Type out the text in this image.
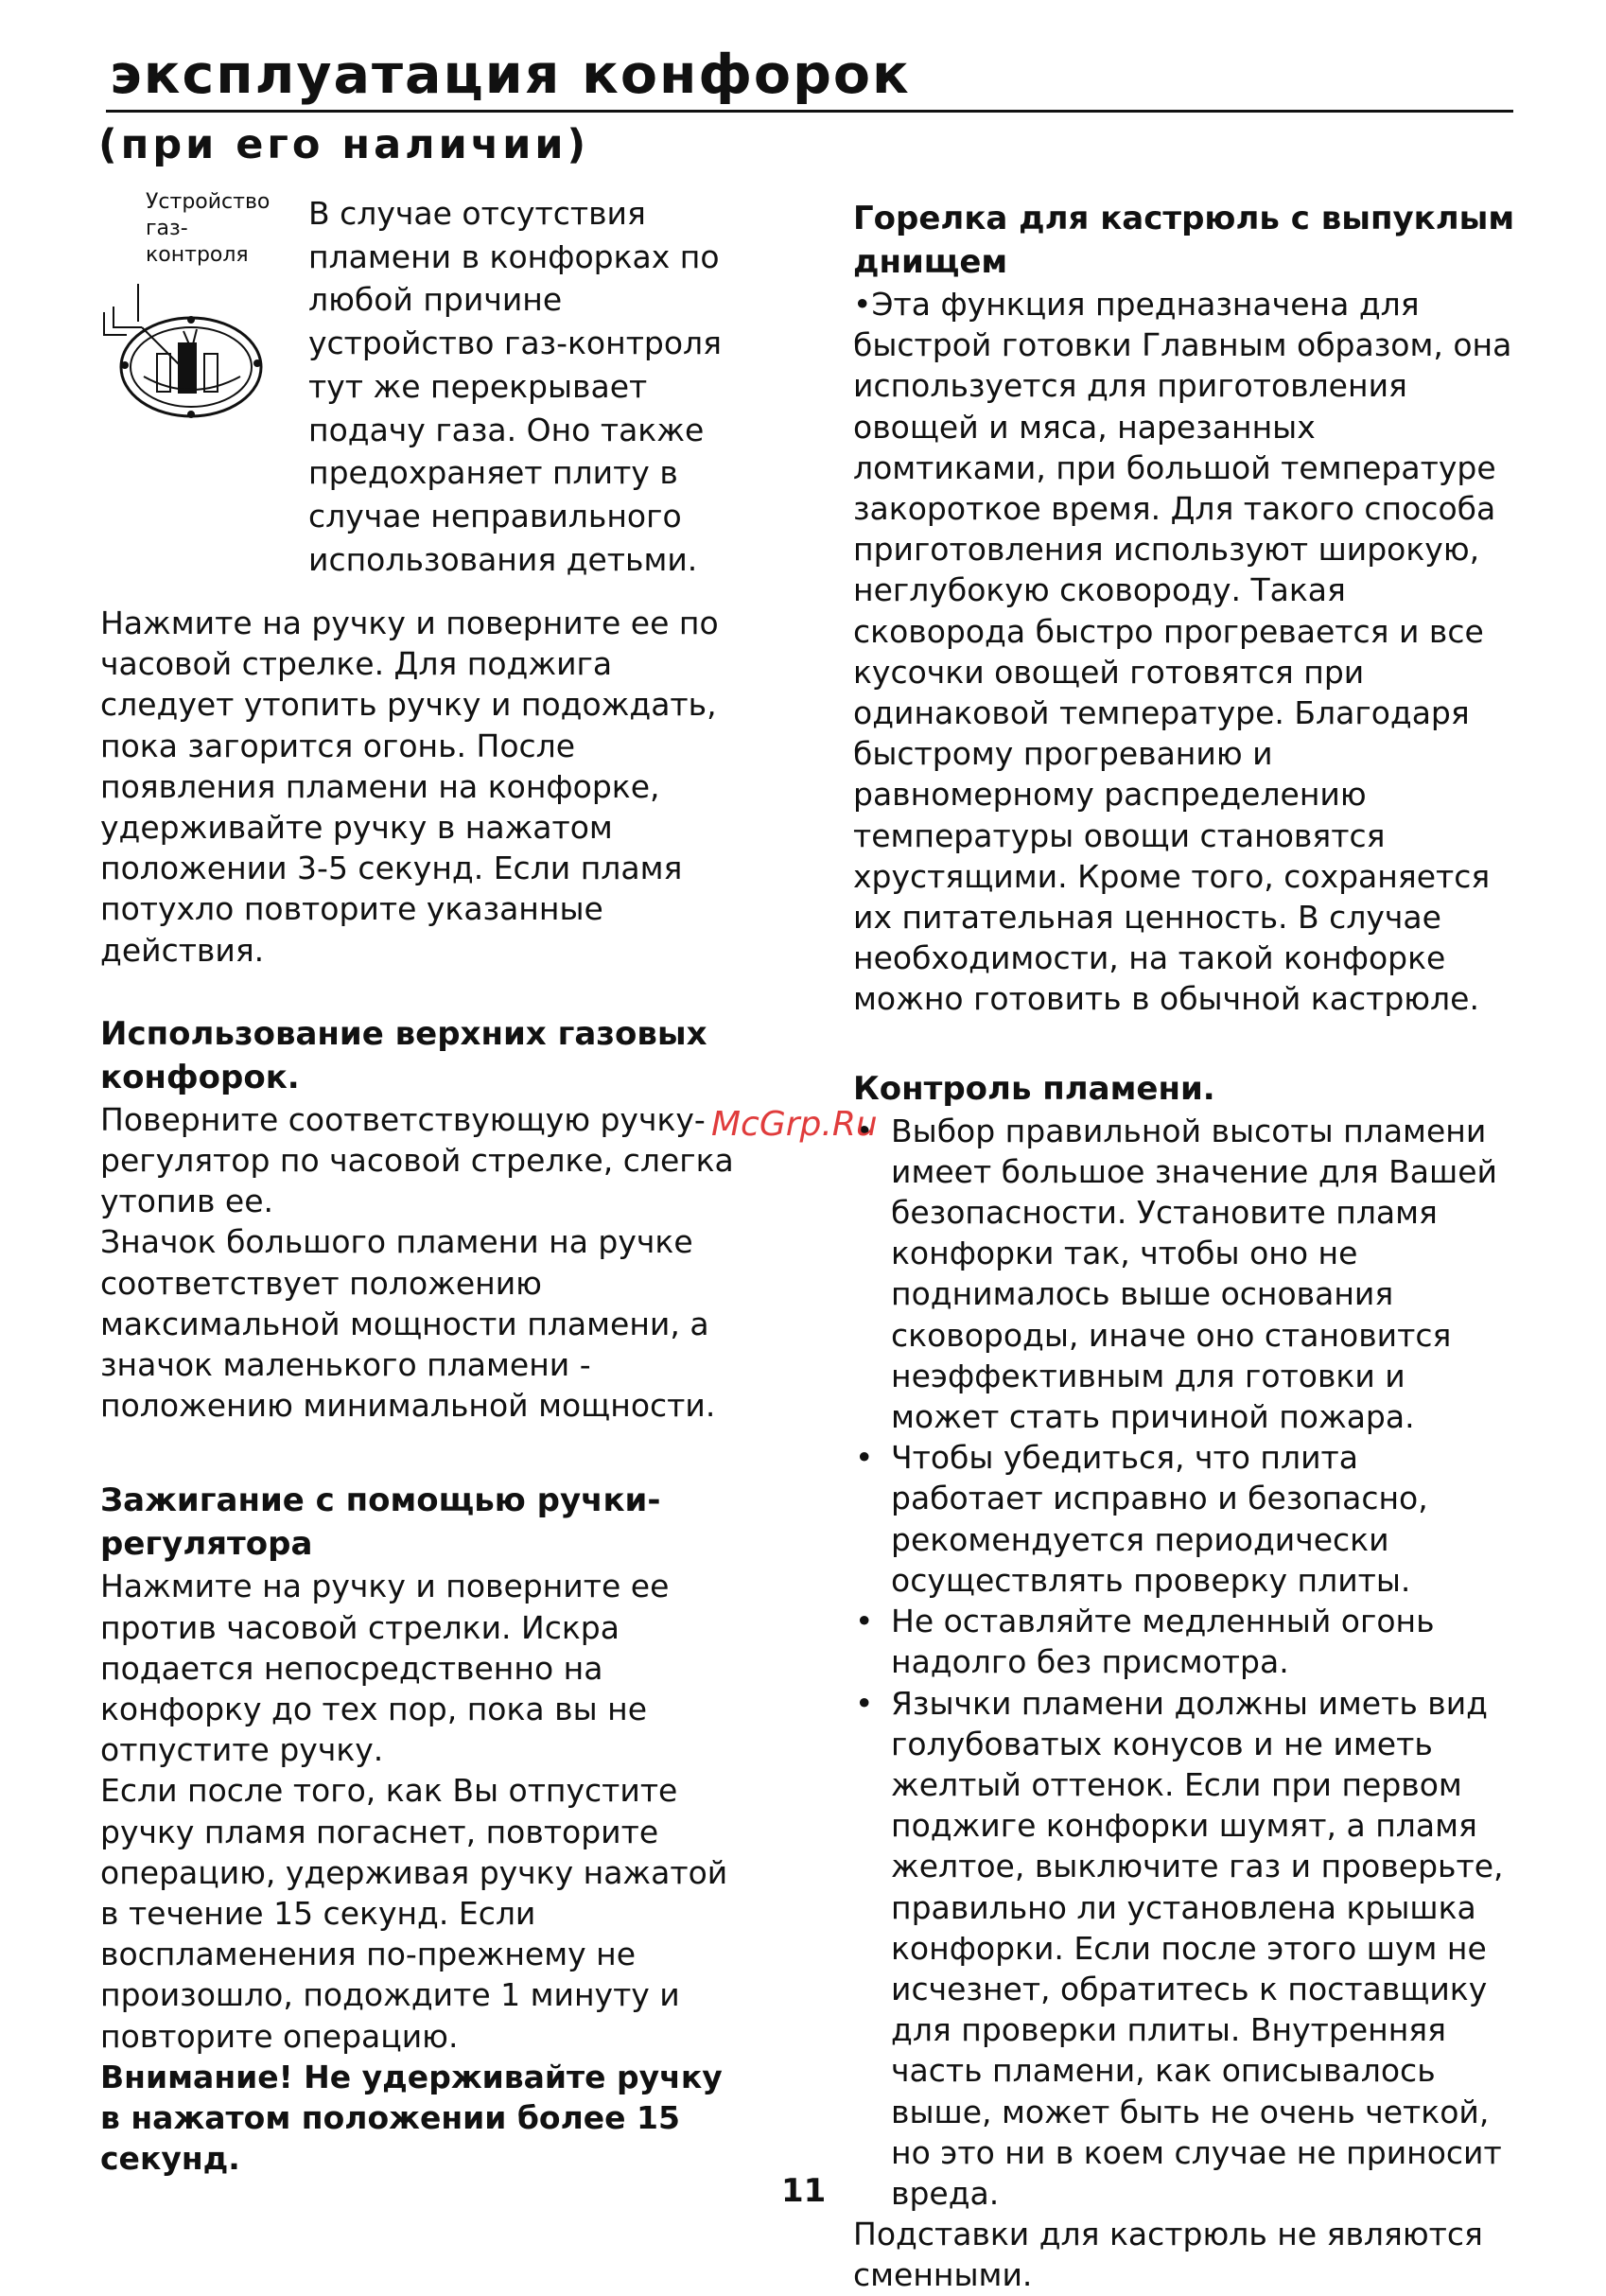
эксплуатация конфорок
(при его наличии)
Устройство
газ-
контроля

В случае отсутствия пламени в конфорках по любой причине устройство газ-контроля тут же перекрывает подачу газа. Оно также предохраняет плиту в случае неправильного использования детьми.

Нажмите на ручку и поверните ее по часовой стрелке. Для поджига следует утопить ручку и подождать, пока загорится огонь. После появления пламени на конфорке, удерживайте ручку в нажатом положении 3-5 секунд. Если пламя потухло повторите указанные действия.

Использование верхних газовых конфорок.

Поверните соответствующую ручку-регулятор по часовой стрелке, слегка утопив ее.

Значок большого пламени на ручке соответствует положению максимальной мощности пламени, а значок маленького пламени - положению минимальной мощности.

Зажигание с помощью ручки-регулятора

Нажмите на ручку и поверните ее против часовой стрелки. Искра подается непосредственно на конфорку до тех пор, пока вы не отпустите ручку.

Если после того, как Вы отпустите ручку пламя погаснет, повторите операцию, удерживая ручку нажатой в течение 15 секунд. Если воспламенения по-прежнему не произошло, подождите 1 минуту и повторите операцию.

Внимание! Не удерживайте ручку в нажатом положении более 15 секунд.

Горелка для кастрюль с выпуклым днищем

•Эта функция предназначена для быстрой готовки Главным образом, она используется для приготовления овощей и мяса, нарезанных ломтиками, при большой температуре закороткое время. Для такого способа приготовления используют широкую, неглубокую сковороду. Такая сковорода быстро прогревается и все кусочки овощей готовятся при одинаковой температуре. Благодаря быстрому прогреванию и равномерному распределению температуры овощи становятся хрустящими. Кроме того, сохраняется их питательная ценность. В случае необходимости, на такой конфорке можно готовить в обычной кастрюле.

Контроль пламени.
• Выбор правильной высоты пламени имеет большое значение для Вашей безопасности. Установите пламя конфорки так, чтобы оно не поднималось выше основания сковороды, иначе оно становится неэффективным для готовки и может стать причиной пожара.
• Чтобы убедиться, что плита работает исправно и безопасно, рекомендуется периодически осуществлять проверку плиты.
• Не оставляйте медленный огонь надолго без присмотра.
• Язычки пламени должны иметь вид голубоватых конусов и не иметь желтый оттенок. Если при первом поджиге конфорки шумят, а пламя желтое, выключите газ и проверьте, правильно ли установлена крышка конфорки. Если после этого шум не исчезнет, обратитесь к поставщику для проверки плиты. Внутренняя часть пламени, как описывалось выше, может быть не очень четкой, но это ни в коем случае не приносит вреда.

Подставки для кастрюль не являются сменными.

McGrp.Ru
11
